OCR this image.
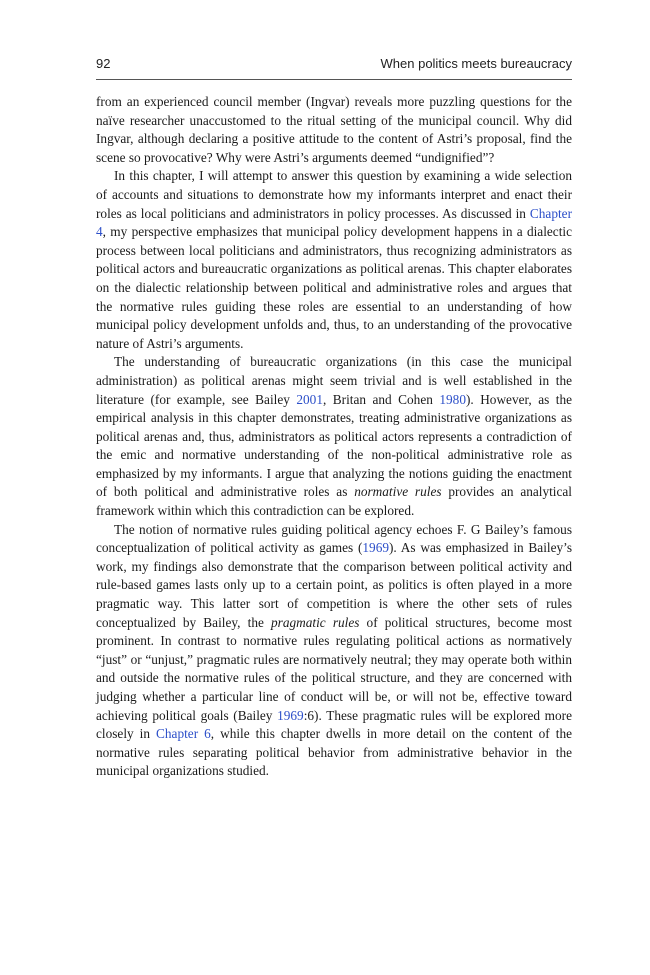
92	When politics meets bureaucracy

from an experienced council member (Ingvar) reveals more puzzling questions for the naïve researcher unaccustomed to the ritual setting of the municipal council. Why did Ingvar, although declaring a positive attitude to the content of Astri’s proposal, find the scene so provocative? Why were Astri’s arguments deemed “undignified”?

In this chapter, I will attempt to answer this question by examining a wide selection of accounts and situations to demonstrate how my informants interpret and enact their roles as local politicians and administrators in policy processes. As discussed in Chapter 4, my perspective emphasizes that municipal policy development happens in a dialectic process between local politicians and administrators, thus recognizing administrators as political actors and bureaucratic organizations as political arenas. This chapter elaborates on the dialectic relationship between political and administrative roles and argues that the normative rules guiding these roles are essential to an understanding of how municipal policy development unfolds and, thus, to an understanding of the provocative nature of Astri’s arguments.

The understanding of bureaucratic organizations (in this case the municipal administration) as political arenas might seem trivial and is well established in the literature (for example, see Bailey 2001, Britan and Cohen 1980). However, as the empirical analysis in this chapter demonstrates, treating administrative organizations as political arenas and, thus, administrators as political actors represents a contradiction of the emic and normative understanding of the non-political administrative role as emphasized by my informants. I argue that analyzing the notions guiding the enactment of both political and administrative roles as normative rules provides an analytical framework within which this contradiction can be explored.

The notion of normative rules guiding political agency echoes F. G Bailey’s famous conceptualization of political activity as games (1969). As was emphasized in Bailey’s work, my findings also demonstrate that the comparison between political activity and rule-based games lasts only up to a certain point, as politics is often played in a more pragmatic way. This latter sort of competition is where the other sets of rules conceptualized by Bailey, the pragmatic rules of political structures, become most prominent. In contrast to normative rules regulating political actions as normatively “just” or “unjust,” pragmatic rules are normatively neutral; they may operate both within and outside the normative rules of the political structure, and they are concerned with judging whether a particular line of conduct will be, or will not be, effective toward achieving political goals (Bailey 1969:6). These pragmatic rules will be explored more closely in Chapter 6, while this chapter dwells in more detail on the content of the normative rules separating political behavior from administrative behavior in the municipal organizations studied.
